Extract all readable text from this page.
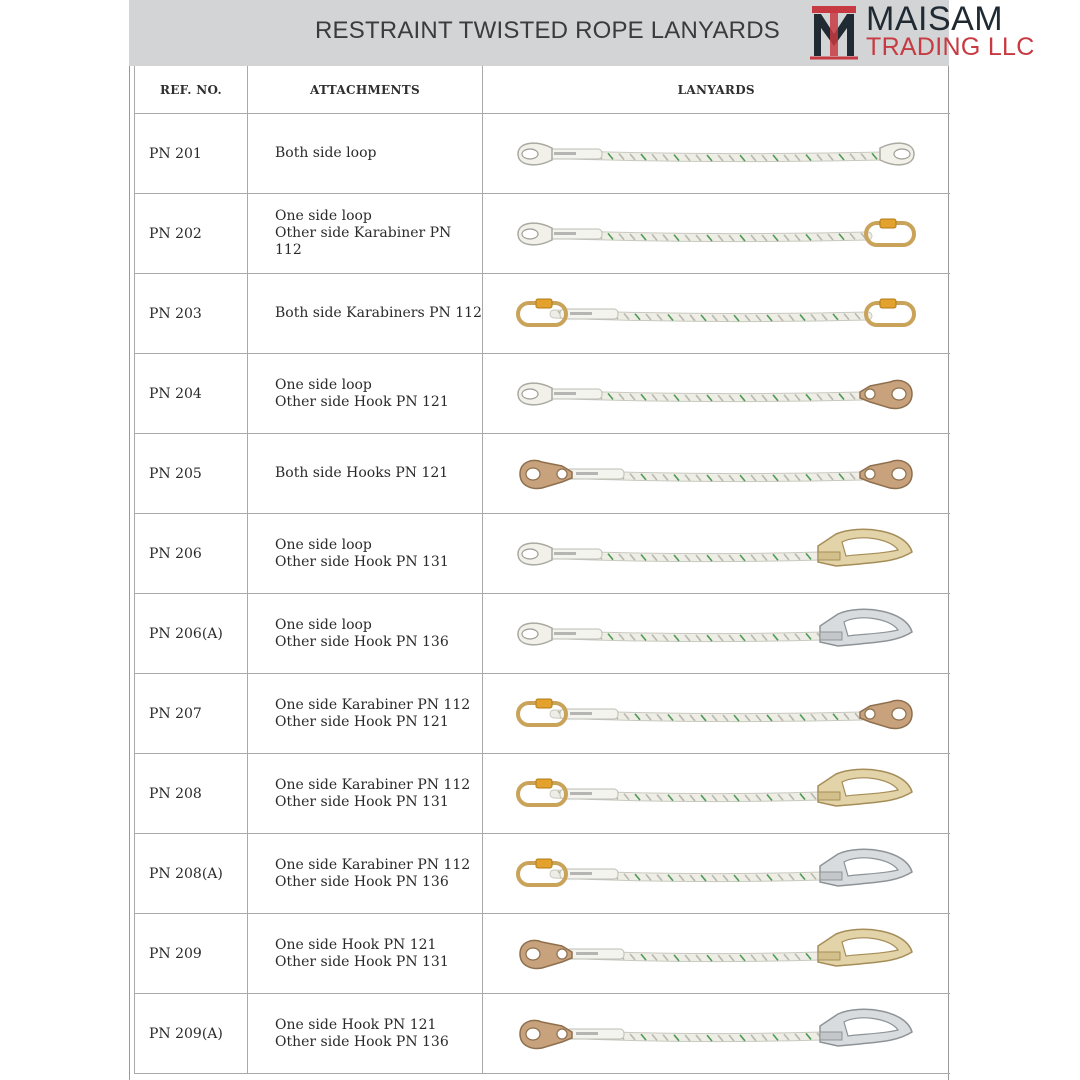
RESTRAINT TWISTED ROPE LANYARDS	MAISAM
TRADING LLC
REF. NO.	ATTACHMENTS	LANYARDS
PN 201	Both side loop

PN 202	One side loop
Other side Karabiner PN 112

PN 203	Both side Karabiners PN 112

PN 204	One side loop
Other side Hook PN 121

PN 205	Both side Hooks PN 121

PN 206	One side loop
Other side Hook PN 131

PN 206(A)	One side loop
Other side Hook PN 136

PN 207	One side Karabiner PN 112
Other side Hook PN 121

PN 208	One side Karabiner PN 112
Other side Hook PN 131

PN 208(A)	One side Karabiner PN 112
Other side Hook PN 136

PN 209	One side Hook PN 121
Other side Hook PN 131

PN 209(A)	One side Hook PN 121
Other side Hook PN 136
